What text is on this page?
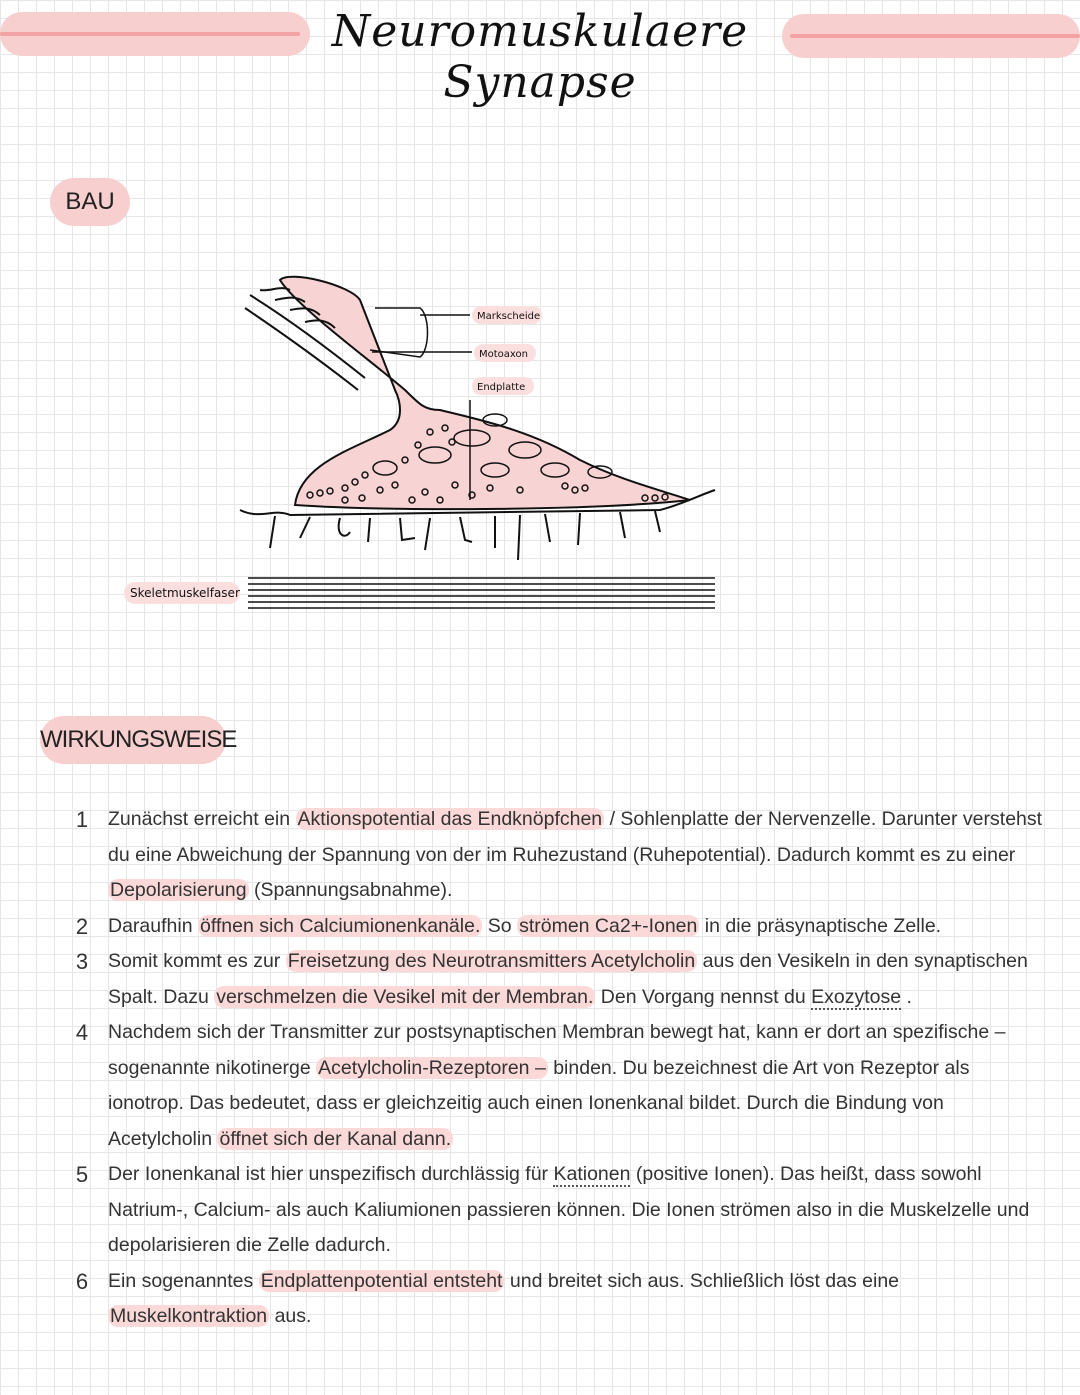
Neuromuskulaere Synapse
BAU
Markscheide
Motoaxon
Endplatte
Skeletmuskelfaser
WIRKUNGSWEISE
1	Zunächst erreicht ein Aktionspotential das Endknöpfchen / Sohlenplatte der Nervenzelle. Darunter verstehst du eine Abweichung der Spannung von der im Ruhezustand (Ruhepotential). Dadurch kommt es zu einer Depolarisierung (Spannungsabnahme).
2	Daraufhin öffnen sich Calciumionenkanäle. So strömen Ca2+-Ionen in die präsynaptische Zelle.
3	Somit kommt es zur Freisetzung des Neurotransmitters Acetylcholin aus den Vesikeln in den synaptischen Spalt. Dazu verschmelzen die Vesikel mit der Membran. Den Vorgang nennst du Exozytose .
4	Nachdem sich der Transmitter zur postsynaptischen Membran bewegt hat, kann er dort an spezifische – sogenannte nikotinerge Acetylcholin-Rezeptoren – binden. Du bezeichnest die Art von Rezeptor als ionotrop. Das bedeutet, dass er gleichzeitig auch einen Ionenkanal bildet. Durch die Bindung von Acetylcholin öffnet sich der Kanal dann.
5	Der Ionenkanal ist hier unspezifisch durchlässig für Kationen (positive Ionen). Das heißt, dass sowohl Natrium-, Calcium- als auch Kaliumionen passieren können. Die Ionen strömen also in die Muskelzelle und depolarisieren die Zelle dadurch.
6	Ein sogenanntes Endplattenpotential entsteht und breitet sich aus. Schließlich löst das eine Muskelkontraktion aus.
